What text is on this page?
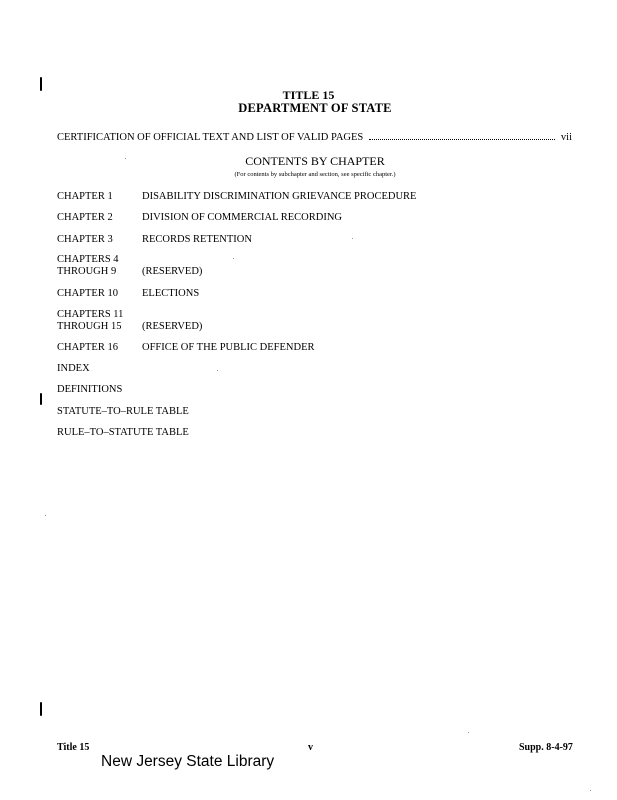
TITLE 15
DEPARTMENT OF STATE
CERTIFICATION OF OFFICIAL TEXT AND LIST OF VALID PAGES	vii
CONTENTS BY CHAPTER
(For contents by subchapter and section, see specific chapter.)
CHAPTER 1	DISABILITY DISCRIMINATION GRIEVANCE PROCEDURE
CHAPTER 2	DIVISION OF COMMERCIAL RECORDING
CHAPTER 3	RECORDS RETENTION
CHAPTERS 4
THROUGH 9 (RESERVED)
CHAPTER 10 ELECTIONS
CHAPTERS 11
THROUGH 15 (RESERVED)
CHAPTER 16 OFFICE OF THE PUBLIC DEFENDER
INDEX
DEFINITIONS
STATUTE–TO–RULE TABLE
RULE–TO–STATUTE TABLE
Title 15	v	Supp. 8-4-97
New Jersey State Library
